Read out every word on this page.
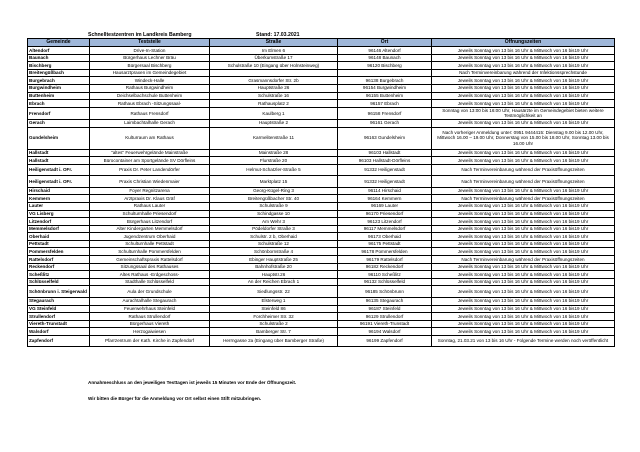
Schnelltestzentren im Landkreis Bamberg	Stand: 17.03.2021
Gemeinde	Teststelle	Straße	Ort	Öffnungszeiten
Altendorf	Drive-In-Station	Im Elmen 6	96146 Altendorf	Jeweils Sonntag von 13 bis 16 Uhr & Mittwoch von 16 bis19 Uhr
Baunach	Bürgerhaus Lechner Bräu	Überkumstraße 17	96148 Baunach	Jeweils Sonntag von 13 bis 16 Uhr & Mittwoch von 16 bis19 Uhr
Bischberg	Bürgersaal Bischberg	Schulstraße 10 (Eingang über Holnsteinweg)	96120 Bischberg	Jeweils Sonntag von 13 bis 16 Uhr & Mittwoch von 16 bis19 Uhr
Breitengüßbach	Hausarztpraxen im Gemeindegebiet			Nach Terminvereinbarung während der Infektionssprechstunde
Burgebrach	Windeck-Halle	Grasmannsdorfer Str. 2b	96138 Burgebrach	Jeweils Sonntag von 13 bis 16 Uhr & Mittwoch von 16 bis19 Uhr
Burgwindheim	Rathaus Burgwindheim	Hauptstraße 26	96154 Burgwindheim	Jeweils Sonntag von 13 bis 16 Uhr & Mittwoch von 16 bis19 Uhr
Buttenheim	Deichselbachschule Buttenheim	Schulstraße 16	96155 Buttenheim	Jeweils Sonntag von 13 bis 16 Uhr & Mittwoch von 16 bis19 Uhr
Ebrach	Rathaus Ebrach -Sitzungssaal-	Rathausplatz 2	96157 Ebrach	Jeweils Sonntag von 13 bis 16 Uhr & Mittwoch von 16 bis19 Uhr
Frensdorf	Rathaus Frensdorf	Kaulberg 1	96158 Frensdorf	Sonntag von 13:00 bis 16:00 Uhr, Hausärzte im Gemeindegebiet bieten weitere Testmöglichkeit an
Gerach	Laimbachtalhalle Gerach	Hauptstraße 2	96161 Gerach	Jeweils Sonntag von 13 bis 16 Uhr & Mittwoch von 16 bis19 Uhr
Gundelsheim	Kulturraum am Rathaus	Karmelitenstraße 11	96163 Gundelsheim	Nach vorheriger Anmeldung unter: 0951 9444415: Dienstag 9.00 bis 12.00 Uhr, Mittwoch 16.00 – 19.00 Uhr, Donnerstag von 15.00 bis 18.00 Uhr, Sonntag 13.00 bis 16.00 Uhr
Hallstadt	"altes" Feuerwehrgelände Mainstraße	Mainstraße 28	96103 Hallstadt	Jeweils Sonntag von 13 bis 16 Uhr & Mittwoch von 16 bis19 Uhr
Hallstadt	Bürocontainer am Sportgelände SV Dörfleins	Flurstraße 20	96103 Hallstadt-Dörfleins	Jeweils Sonntag von 13 bis 16 Uhr & Mittwoch von 16 bis19 Uhr
Heiligenstadt i. OFr.	Praxis Dr. Peter Landendörfer	Helmut-Schatzler-Straße 5	91332 Heiligenstadt	Nach Terminvereinbarung während der Praxisöffnungszeiten
Heiligenstadt i. OFr.	Praxis Christian Wiedenmaier	Marktplatz 15	91332 Heiligenstadt	Nach Terminvereinbarung während der Praxisöffnungszeiten
Hirschaid	Foyer Regnitzarena	Georg-Kügel-Ring 3	96114 Hirschaid	Jeweils Sonntag von 13 bis 16 Uhr & Mittwoch von 16 bis19 Uhr
Kemmern	Arztpraxis Dr. Klaus Gräf	Breitengüßbacher Str. 40	96164 Kemmern	Nach Terminvereinbarung während der Praxisöffnungszeiten
Lauter	Rathaus Lauter	Schulstraße 9	96169 Lauter	Jeweils Sonntag von 13 bis 16 Uhr & Mittwoch von 16 bis19 Uhr
VG Lisberg	Schulturnhalle Priesendorf	Schindgasse 10	96170 Priesendorf	Jeweils Sonntag von 13 bis 16 Uhr & Mittwoch von 16 bis19 Uhr
Litzendorf	Bürgerhaus Litzendorf	Am Wehr 3	96123 Litzendorf	Jeweils Sonntag von 13 bis 16 Uhr & Mittwoch von 16 bis19 Uhr
Memmelsdorf	Alter Kindergarten Memmelsdorf	Pödeldorfer Straße 3	96117 Memmelsdorf	Jeweils Sonntag von 13 bis 16 Uhr & Mittwoch von 16 bis19 Uhr
Oberhaid	Jugendzentrum Oberhaid	Schulstr. 2 b, Oberhaid	96173 Oberhaid	Jeweils Sonntag von 13 bis 16 Uhr & Mittwoch von 16 bis19 Uhr
Pettstadt	Schulturnhalle Pettstadt	Schulstraße 12	96175 Pettstadt	Jeweils Sonntag von 13 bis 16 Uhr & Mittwoch von 16 bis19 Uhr
Pommersfelden	Schulturnhalle Pommersfelden	Schönbornstraße 4	96178 Pommersfelden	Jeweils Sonntag von 13 bis 16 Uhr & Mittwoch von 16 bis19 Uhr
Rattelsdorf	Gemeinschaftspraxis Rattelsdorf	Ebinger Hauptstraße 25	96179 Rattelsdorf	Nach Terminvereinbarung während der Praxisöffnungszeiten
Reckendorf	Sitzungssaal des Rathauses	Bahnhofstraße 20	96182 Reckendorf	Jeweils Sonntag von 13 bis 16 Uhr & Mittwoch von 16 bis19 Uhr
Scheßlitz	Altes Rathaus -Erdgeschoss-	Hauptstr.26	96110 Scheßlitz	Jeweils Sonntag von 13 bis 16 Uhr & Mittwoch von 16 bis19 Uhr
Schlüsselfeld	Stadthalle Schlüsselfeld	An der Reichen Ebrach 1	96132 Schlüsselfeld	Jeweils Sonntag von 13 bis 16 Uhr & Mittwoch von 16 bis19 Uhr
Schönbrunn i. Steigerwald	Aula der Grundschule	Siedlungsstr. 22	96185 Schönbrunn	Jeweils Sonntag von 13 bis 16 Uhr & Mittwoch von 16 bis19 Uhr
Stegaurach	Aurachtalhalle Stegaurach	Elsterweg 1	96135 Stegaurach	Jeweils Sonntag von 13 bis 16 Uhr & Mittwoch von 16 bis19 Uhr
VG Steinfeld	Feuerwehrhaus Steinfeld	Steinfeld 86	96187 Steinfeld	Jeweils Sonntag von 13 bis 16 Uhr & Mittwoch von 16 bis19 Uhr
Strullendorf	Rathaus Strullendorf	Forchheimer Str. 32	96129 Strullendorf	Jeweils Sonntag von 13 bis 16 Uhr & Mittwoch von 16 bis19 Uhr
Viereth-Trunstadt	Bürgerhaus Viereth	Schulstraße 2	96191 Viereth-Trunstadt	Jeweils Sonntag von 13 bis 16 Uhr & Mittwoch von 16 bis19 Uhr
Walsdorf	Herzogaiwiesen	Bamberger Str. 7	96194 Walsdorf	Jeweils Sonntag von 13 bis 16 Uhr & Mittwoch von 16 bis19 Uhr
Zapfendorf	Pfarrzentrum der Kath. Kirche in Zapfendorf	Herrngasse 2a (Eingang über Bamberger Straße)	96199 Zapfendorf	Sonntag, 21.03.21 von 13 bis 16 Uhr - Folgende Termine werden noch veröffentlicht
Annahmeschluss an den jeweiligen Testtagen ist jeweils 15 Minuten vor Ende der Öffnungszeit.
Wir bitten die Bürger für die Anmeldung vor Ort selbst einen Stift mitzubringen.
